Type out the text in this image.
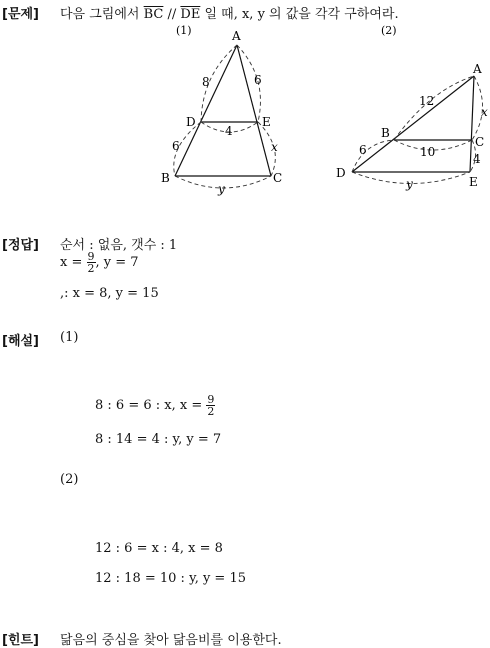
[문제] 다음 그림에서 $\overline{BC} // \overline{DE}$ 일 때, x, y 의 값을 각각 구하여라.
(1)	A
D	E
B	C
8	6
4
6	x
y
(2)
A
B
C
D
E
12
x
10
6
4
y
[정답] 순서 : 없음, 갯수 : 1
$x = \frac{9}{2}$ , y = 7
,: x = 8, y = 15
[해설] (1)
8 : 6 = 6 : x, $x = \frac{9}{2}$
8 : 14 = 4 : y, y = 7
(2)
12 : 6 = x : 4, x = 8
12 : 18 = 10 : y, y = 15
[힌트] 닮음의 중심을 찾아 닮음비를 이용한다.
